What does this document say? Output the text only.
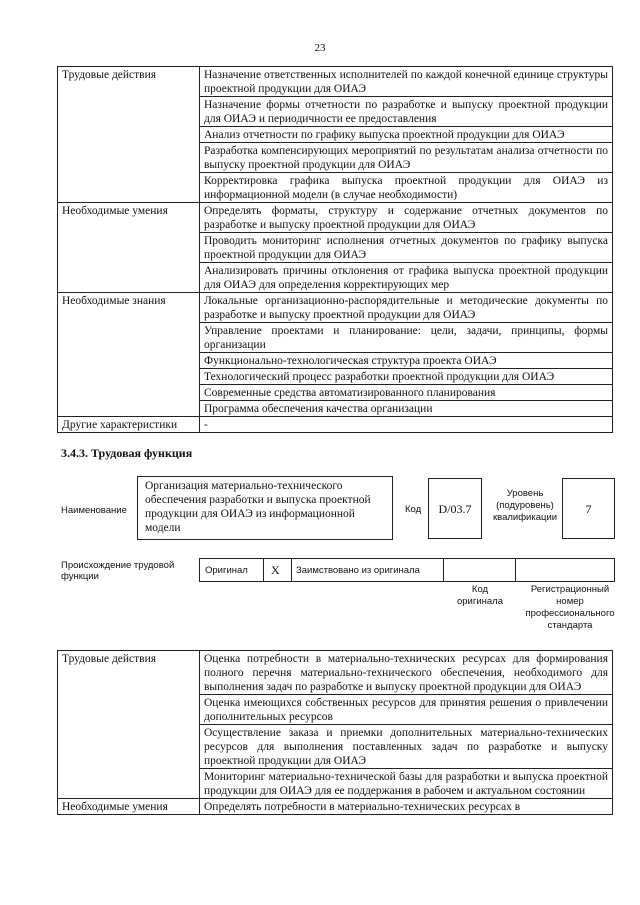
23
Трудовые действия	Назначение ответственных исполнителей по каждой конечной единице структуры проектной продукции для ОИАЭ
	Назначение формы отчетности по разработке и выпуску проектной продукции для ОИАЭ и периодичности ее предоставления
	Анализ отчетности по графику выпуска проектной продукции для ОИАЭ
	Разработка компенсирующих мероприятий по результатам анализа отчетности по выпуску проектной продукции для ОИАЭ
	Корректировка графика выпуска проектной продукции для ОИАЭ из информационной модели (в случае необходимости)
Необходимые умения	Определять форматы, структуру и содержание отчетных документов по разработке и выпуску проектной продукции для ОИАЭ
	Проводить мониторинг исполнения отчетных документов по графику выпуска проектной продукции для ОИАЭ
	Анализировать причины отклонения от графика выпуска проектной продукции для ОИАЭ для определения корректирующих мер
Необходимые знания	Локальные организационно-распорядительные и методические документы по разработке и выпуску проектной продукции для ОИАЭ
	Управление проектами и планирование: цели, задачи, принципы, формы организации
	Функционально-технологическая структура проекта ОИАЭ
	Технологический процесс разработки проектной продукции для ОИАЭ
	Современные средства автоматизированного планирования
	Программа обеспечения качества организации
Другие характеристики	-
3.4.3. Трудовая функция
Наименование
Организация материально-технического обеспечения разработки и выпуска проектной продукции для ОИАЭ из информационной модели
Код	D/03.7
Уровень (подуровень) квалификации
7
Происхождение трудовой функции
Оригинал X Заимствовано из оригинала
Код оригинала
Регистрационный номер профессионального стандарта
Трудовые действия	Оценка потребности в материально-технических ресурсах для формирования полного перечня материально-технического обеспечения, необходимого для выполнения задач по разработке и выпуску проектной продукции для ОИАЭ
	Оценка имеющихся собственных ресурсов для принятия решения о привлечении дополнительных ресурсов
	Осуществление заказа и приемки дополнительных материально-технических ресурсов для выполнения поставленных задач по разработке и выпуску проектной продукции для ОИАЭ
	Мониторинг материально-технической базы для разработки и выпуска проектной продукции для ОИАЭ для ее поддержания в рабочем и актуальном состоянии
Необходимые умения	Определять потребности в материально-технических ресурсах в
